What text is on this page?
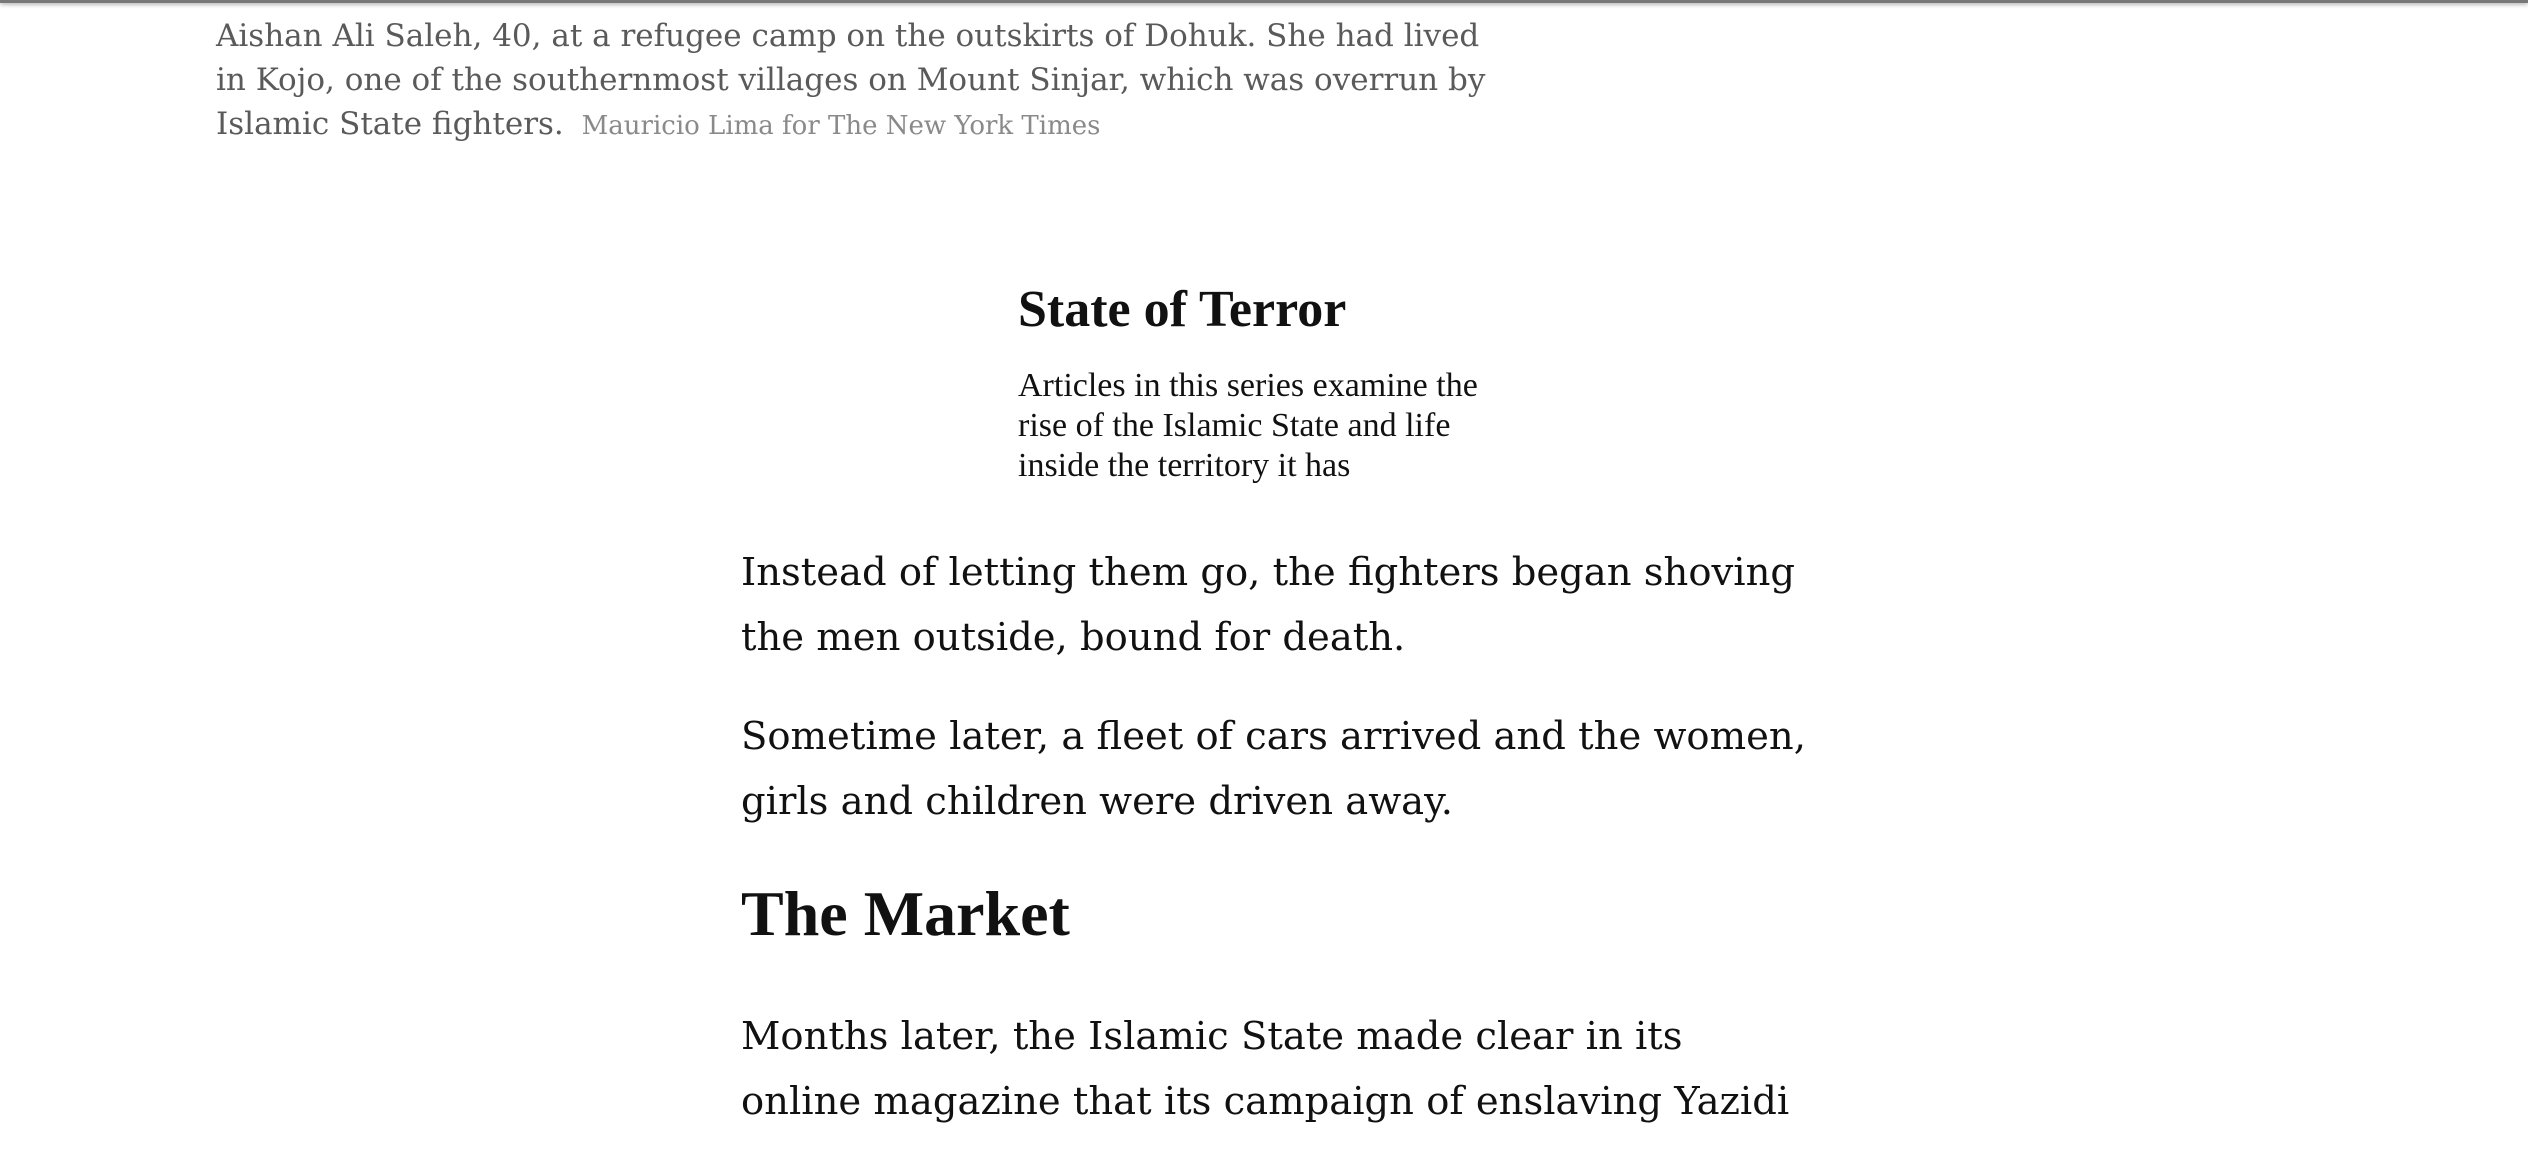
Aishan Ali Saleh, 40, at a refugee camp on the outskirts of Dohuk. She had lived in Kojo, one of the southernmost villages on Mount Sinjar, which was overrun by Islamic State fighters. Mauricio Lima for The New York Times
State of Terror
Articles in this series examine the rise of the Islamic State and life inside the territory it has

Instead of letting them go, the fighters began shoving the men outside, bound for death.

Sometime later, a fleet of cars arrived and the women, girls and children were driven away.

The Market

Months later, the Islamic State made clear in its online magazine that its campaign of enslaving Yazidi
